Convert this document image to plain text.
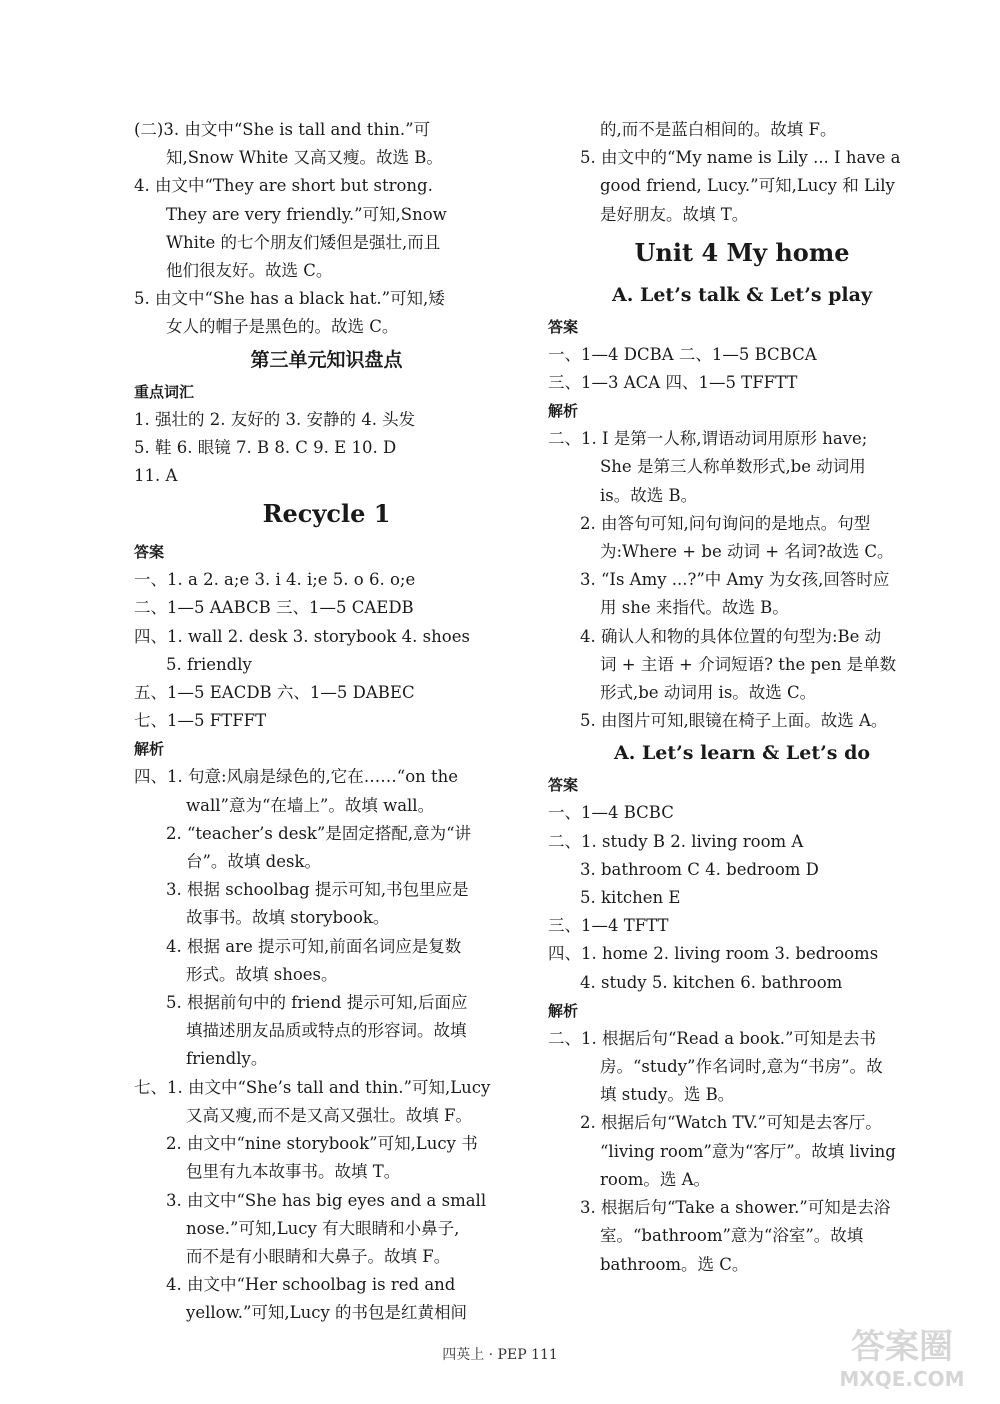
(二)3. 由文中“She is tall and thin.”可
知,Snow White 又高又瘦。故选 B。
4. 由文中“They are short but strong.
They are very friendly.”可知,Snow
White 的七个朋友们矮但是强壮,而且
他们很友好。故选 C。
5. 由文中“She has a black hat.”可知,矮
女人的帽子是黑色的。故选 C。
第三单元知识盘点
重点词汇
1. 强壮的 2. 友好的 3. 安静的 4. 头发
5. 鞋 6. 眼镜 7. B 8. C 9. E 10. D
11. A
Recycle 1
答案
一、1. a 2. a;e 3. i 4. i;e 5. o 6. o;e
二、1—5 AABCB 三、1—5 CAEDB
四、1. wall 2. desk 3. storybook 4. shoes
5. friendly
五、1—5 EACDB 六、1—5 DABEC
七、1—5 FTFFT
解析
四、1. 句意:风扇是绿色的,它在……“on the
wall”意为“在墙上”。故填 wall。
2. “teacher’s desk”是固定搭配,意为“讲
台”。故填 desk。
3. 根据 schoolbag 提示可知,书包里应是
故事书。故填 storybook。
4. 根据 are 提示可知,前面名词应是复数
形式。故填 shoes。
5. 根据前句中的 friend 提示可知,后面应
填描述朋友品质或特点的形容词。故填
friendly。
七、1. 由文中“She’s tall and thin.”可知,Lucy
又高又瘦,而不是又高又强壮。故填 F。
2. 由文中“nine storybook”可知,Lucy 书
包里有九本故事书。故填 T。
3. 由文中“She has big eyes and a small
nose.”可知,Lucy 有大眼睛和小鼻子,
而不是有小眼睛和大鼻子。故填 F。
4. 由文中“Her schoolbag is red and
yellow.”可知,Lucy 的书包是红黄相间
的,而不是蓝白相间的。故填 F。
5. 由文中的“My name is Lily ... I have a
good friend, Lucy.”可知,Lucy 和 Lily
是好朋友。故填 T。
Unit 4 My home
A. Let’s talk & Let’s play
答案
一、1—4 DCBA 二、1—5 BCBCA
三、1—3 ACA 四、1—5 TFFTT
解析
二、1. I 是第一人称,谓语动词用原形 have;
She 是第三人称单数形式,be 动词用
is。故选 B。
2. 由答句可知,问句询问的是地点。句型
为:Where + be 动词 + 名词?故选 C。
3. “Is Amy ...?”中 Amy 为女孩,回答时应
用 she 来指代。故选 B。
4. 确认人和物的具体位置的句型为:Be 动
词 + 主语 + 介词短语? the pen 是单数
形式,be 动词用 is。故选 C。
5. 由图片可知,眼镜在椅子上面。故选 A。
A. Let’s learn & Let’s do
答案
一、1—4 BCBC
二、1. study B 2. living room A
3. bathroom C 4. bedroom D
5. kitchen E
三、1—4 TFTT
四、1. home 2. living room 3. bedrooms
4. study 5. kitchen 6. bathroom
解析
二、1. 根据后句“Read a book.”可知是去书
房。“study”作名词时,意为“书房”。故
填 study。选 B。
2. 根据后句“Watch TV.”可知是去客厅。
“living room”意为“客厅”。故填 living
room。选 A。
3. 根据后句“Take a shower.”可知是去浴
室。“bathroom”意为“浴室”。故填
bathroom。选 C。
四英上 · PEP 111	答案圈
MXQE.COM
